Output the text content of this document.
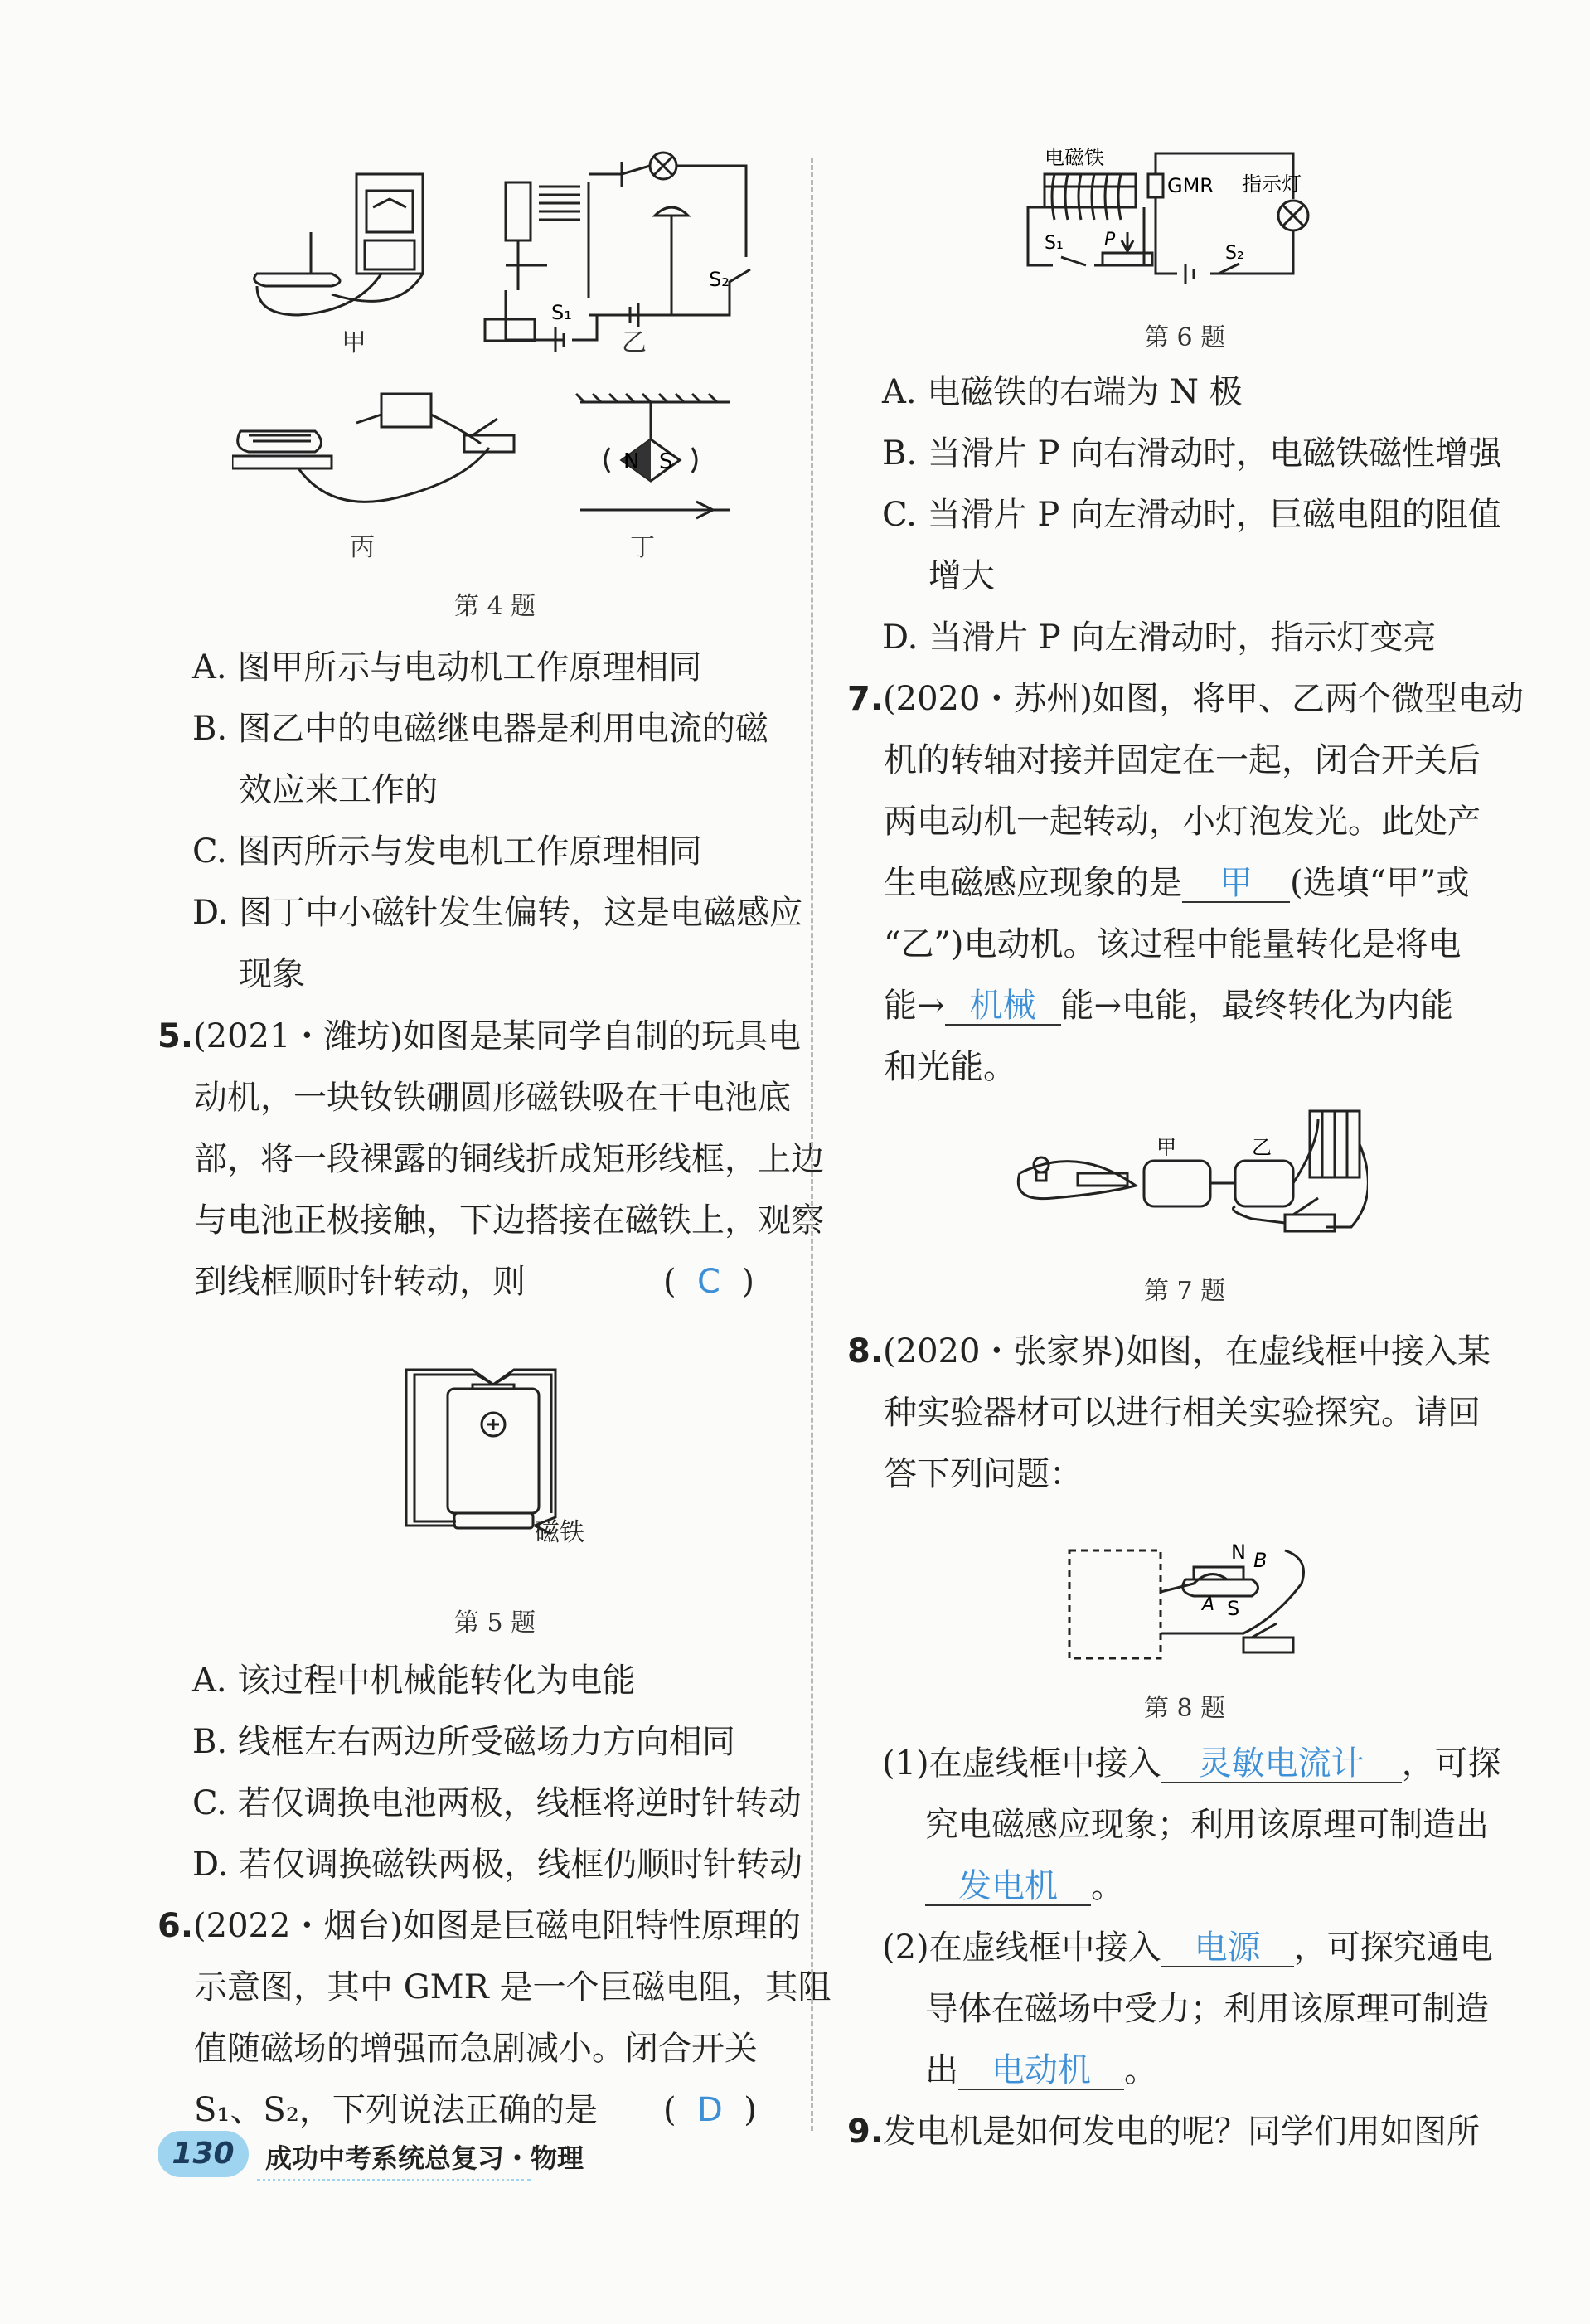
N S
S₁
S₂
甲	乙
丙	丁
第 4 题
A. 图甲所示与电动机工作原理相同
B. 图乙中的电磁继电器是利用电流的磁
效应来工作的
C. 图丙所示与发电机工作原理相同
D. 图丁中小磁针发生偏转，这是电磁感应
现象
5.(2021・潍坊)如图是某同学自制的玩具电
动机，一块钕铁硼圆形磁铁吸在干电池底
部，将一段裸露的铜线折成矩形线框，上边
与电池正极接触，下边搭接在磁铁上，观察
到线框顺时针转动，则	(  C  )
磁铁
第 5 题
A. 该过程中机械能转化为电能
B. 线框左右两边所受磁场力方向相同
C. 若仅调换电池两极，线框将逆时针转动
D. 若仅调换磁铁两极，线框仍顺时针转动
6.(2022・烟台)如图是巨磁电阻特性原理的
示意图，其中 GMR 是一个巨磁电阻，其阻
值随磁场的增强而急剧减小。闭合开关
S₁、S₂，下列说法正确的是 (  D  )
电磁铁
GMR 指示灯
S₁ P
S₂
第 6 题
A. 电磁铁的右端为 N 极
B. 当滑片 P 向右滑动时，电磁铁磁性增强
C. 当滑片 P 向左滑动时，巨磁电阻的阻值
增大
D. 当滑片 P 向左滑动时，指示灯变亮
7.(2020・苏州)如图，将甲、乙两个微型电动
机的转轴对接并固定在一起，闭合开关后
两电动机一起转动，小灯泡发光。此处产
生电磁感应现象的是 甲 (选填“甲”或
“乙”)电动机。该过程中能量转化是将电
能→ 机械 能→电能，最终转化为内能
和光能。
甲	乙
第 7 题
8.(2020・张家界)如图，在虚线框中接入某
种实验器材可以进行相关实验探究。请回
答下列问题：
N B
A S
第 8 题
(1)在虚线框中接入 灵敏电流计 ，可探
究电磁感应现象；利用该原理可制造出
发电机 。
(2)在虚线框中接入 电源 ，可探究通电
导体在磁场中受力；利用该原理可制造
出 电动机 。
9.发电机是如何发电的呢？同学们用如图所
130	成功中考系统总复习・物理
